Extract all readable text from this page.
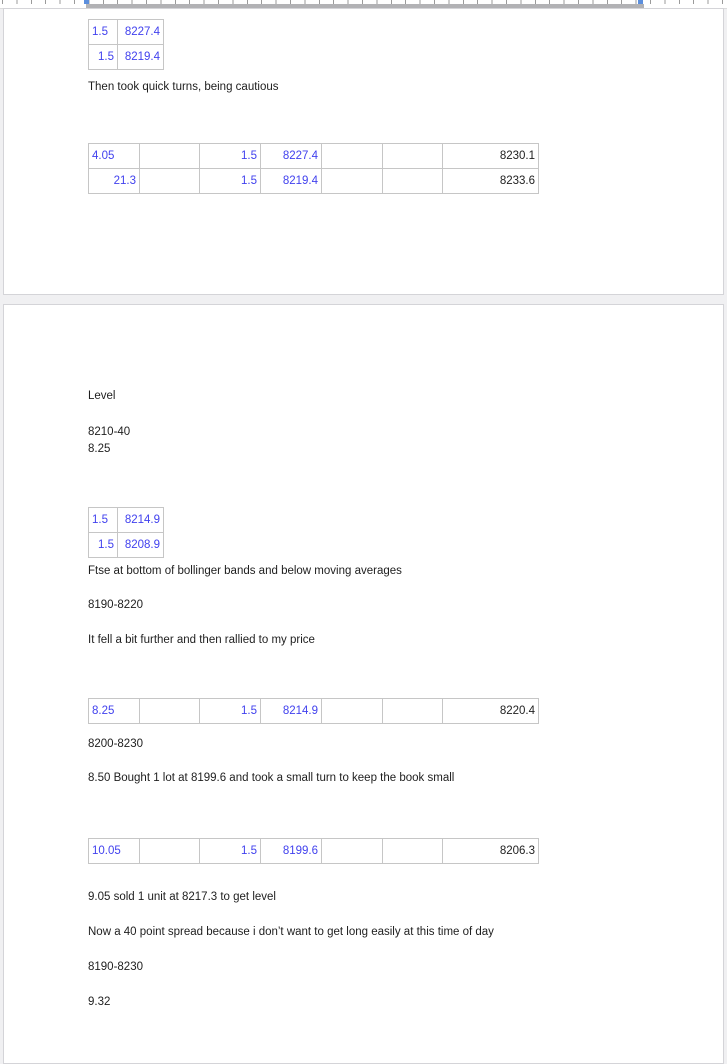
1.5	8227.4
1.5	8219.4
Then took quick turns, being cautious
4.05		1.5	8227.4			8230.1
21.3		1.5	8219.4			8233.6
Level
8210-40
8.25
1.5	8214.9
1.5	8208.9
Ftse at bottom of bollinger bands and below moving averages
8190-8220
It fell a bit further and then rallied to my price
8.25		1.5	8214.9			8220.4
8200-8230
8.50 Bought 1 lot at 8199.6 and took a small turn to keep the book small
10.05		1.5	8199.6			8206.3
9.05 sold 1 unit at 8217.3 to get level
Now a 40 point spread because i don’t want to get long easily at this time of day
8190-8230
9.32
